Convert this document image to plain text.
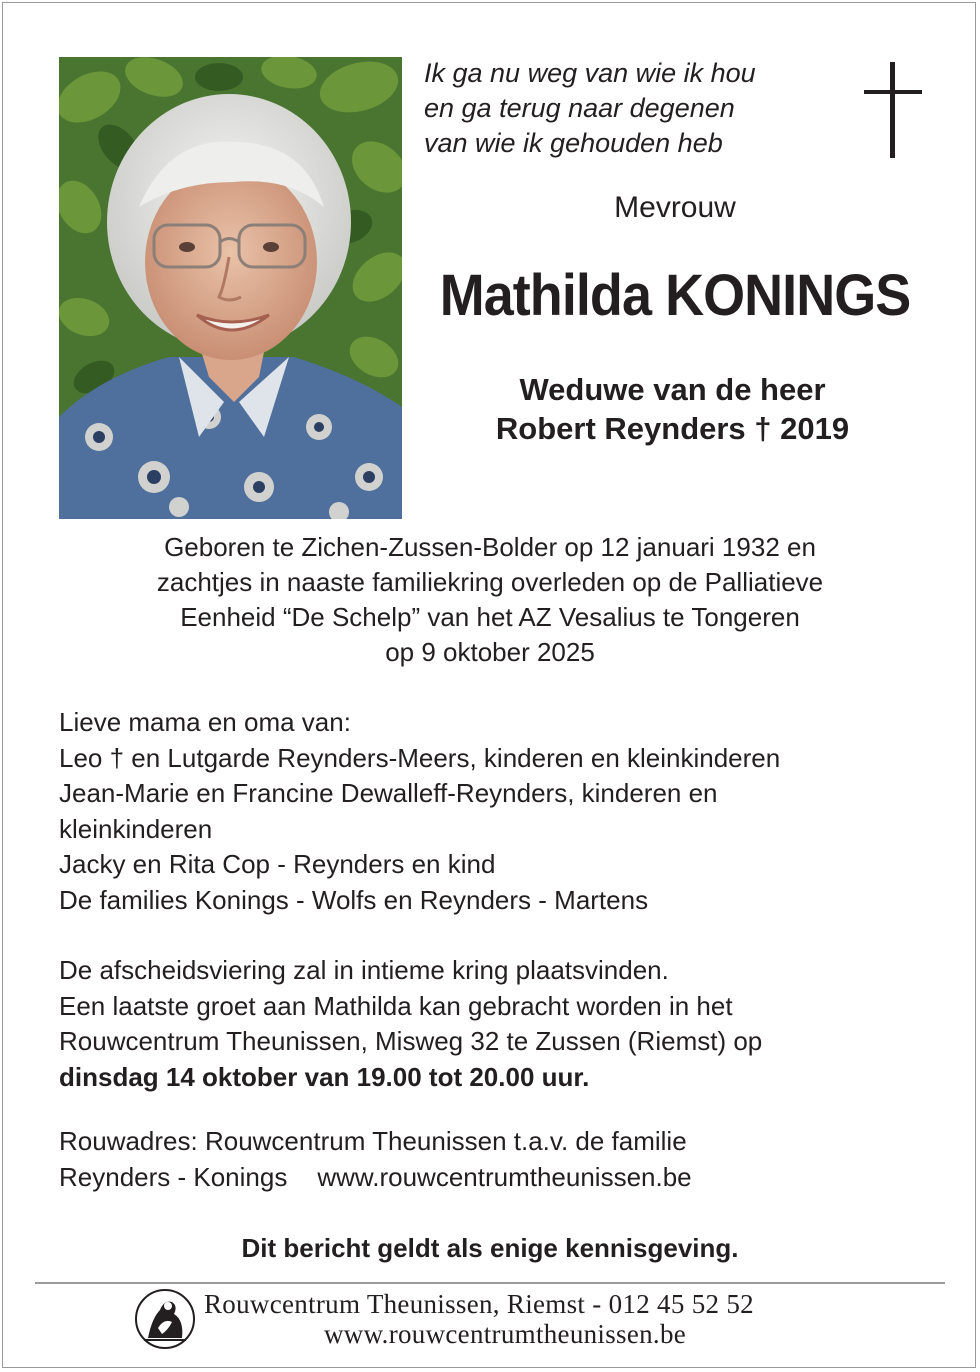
Ik ga nu weg van wie ik hou
en ga terug naar degenen
van wie ik gehouden heb
Mevrouw
Mathilda KONINGS
Weduwe van de heer
Robert Reynders † 2019
Geboren te Zichen-Zussen-Bolder op 12 januari 1932 en
zachtjes in naaste familiekring overleden op de Palliatieve
Eenheid “De Schelp” van het AZ Vesalius te Tongeren
op 9 oktober 2025
Lieve mama en oma van:
Leo † en Lutgarde Reynders-Meers, kinderen en kleinkinderen
Jean-Marie en Francine Dewalleff-Reynders, kinderen en
kleinkinderen
Jacky en Rita Cop - Reynders en kind
De families Konings - Wolfs en Reynders - Martens
De afscheidsviering zal in intieme kring plaatsvinden.
Een laatste groet aan Mathilda kan gebracht worden in het
Rouwcentrum Theunissen, Misweg 32 te Zussen (Riemst) op
dinsdag 14 oktober van 19.00 tot 20.00 uur.
Rouwadres: Rouwcentrum Theunissen t.a.v. de familie
Reynders - Konings www.rouwcentrumtheunissen.be
Dit bericht geldt als enige kennisgeving.
Rouwcentrum Theunissen, Riemst - 012 45 52 52
www.rouwcentrumtheunissen.be
